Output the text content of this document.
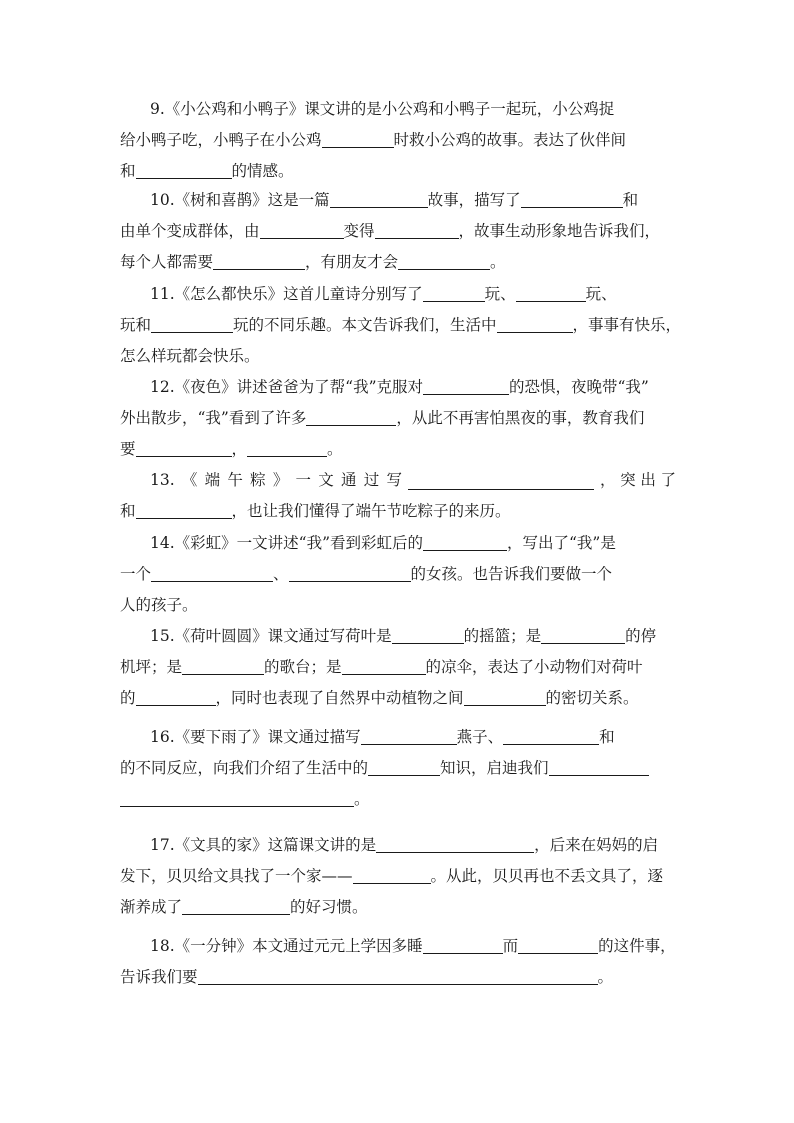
9.《小公鸡和小鸭子》课文讲的是小公鸡和小鸭子一起玩，小公鸡捉
给小鸭子吃，小鸭子在小公鸡	时救小公鸡的故事。表达了伙伴间
和	的情感。
10.《树和喜鹊》这是一篇	故事，描写了	和
由单个变成群体，由	变得	，故事生动形象地告诉我们，
每个人都需要	，有朋友才会	。
11.《怎么都快乐》这首儿童诗分别写了	玩、	玩、
玩和	玩的不同乐趣。本文告诉我们，生活中	，事事有快乐，
怎么样玩都会快乐。
12.《夜色》讲述爸爸为了帮“我”克服对	的恐惧，夜晚带“我”
外出散步，“我”看到了许多	，从此不再害怕黑夜的事，教育我们
要	，	。
13. 《 端 午 粽 》 一 文 通 过 写	， 突 出 了
和	，也让我们懂得了端午节吃粽子的来历。
14.《彩虹》一文讲述“我”看到彩虹后的	，写出了“我”是
一个	、	的女孩。也告诉我们要做一个
人的孩子。
15.《荷叶圆圆》课文通过写荷叶是	的摇篮；是	的停
机坪；是	的歌台；是	的凉伞，表达了小动物们对荷叶
的	，同时也表现了自然界中动植物之间	的密切关系。
16.《要下雨了》课文通过描写	燕子、	和
的不同反应，向我们介绍了生活中的	知识，启迪我们
。
17.《文具的家》这篇课文讲的是	，后来在妈妈的启
发下，贝贝给文具找了一个家——	。从此，贝贝再也不丢文具了，逐
渐养成了	的好习惯。
18.《一分钟》本文通过元元上学因多睡	而	的这件事，
告诉我们要	。
